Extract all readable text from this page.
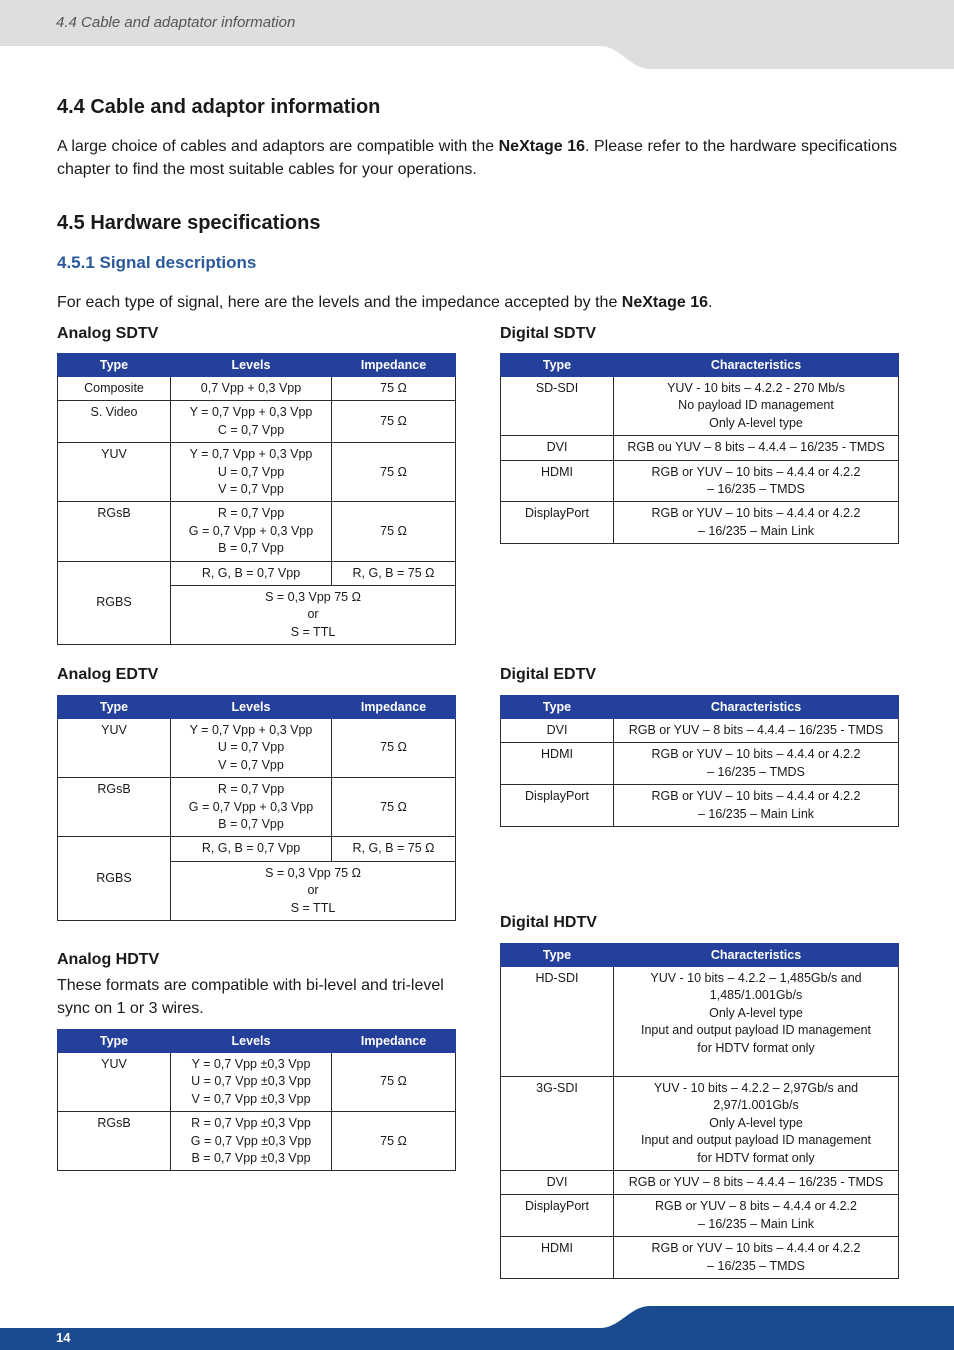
4.4 Cable and adaptator information
4.4 Cable and adaptor information

A large choice of cables and adaptors are compatible with the NeXtage 16. Please refer to the hardware specifications chapter to find the most suitable cables for your operations.

4.5 Hardware specifications
4.5.1 Signal descriptions

For each type of signal, here are the levels and the impedance accepted by the NeXtage 16.

Analog SDTV
Type	Levels	Impedance
Composite	0,7 Vpp + 0,3 Vpp	75 Ω
S. Video	Y = 0,7 Vpp + 0,3 Vpp
C = 0,7 Vpp	75 Ω
YUV	Y = 0,7 Vpp + 0,3 Vpp
U = 0,7 Vpp
V = 0,7 Vpp	75 Ω
RGsB	R = 0,7 Vpp
G = 0,7 Vpp + 0,3 Vpp
B = 0,7 Vpp	75 Ω
RGBS	R, G, B = 0,7 Vpp	R, G, B = 75 Ω
	S = 0,3 Vpp 75 Ω
or
S = TTL	
Digital SDTV
Type	Characteristics
SD-SDI	YUV - 10 bits – 4.2.2 - 270 Mb/s
No payload ID management
Only A-level type
DVI	RGB ou YUV – 8 bits – 4.4.4 – 16/235 - TMDS
HDMI	RGB or YUV – 10 bits – 4.4.4 or 4.2.2
– 16/235 – TMDS
DisplayPort	RGB or YUV – 10 bits – 4.4.4 or 4.2.2
– 16/235 – Main Link
Analog EDTV
Type	Levels	Impedance
YUV	Y = 0,7 Vpp + 0,3 Vpp
U = 0,7 Vpp
V = 0,7 Vpp	75 Ω
RGsB	R = 0,7 Vpp
G = 0,7 Vpp + 0,3 Vpp
B = 0,7 Vpp	75 Ω
RGBS	R, G, B = 0,7 Vpp	R, G, B = 75 Ω
	S = 0,3 Vpp 75 Ω
or
S = TTL	
Digital EDTV
Type	Characteristics
DVI	RGB or YUV – 8 bits – 4.4.4 – 16/235 - TMDS
HDMI	RGB or YUV – 10 bits – 4.4.4 or 4.2.2
– 16/235 – TMDS
DisplayPort	RGB or YUV – 10 bits – 4.4.4 or 4.2.2
– 16/235 – Main Link
Analog HDTV

These formats are compatible with bi-level and tri-level sync on 1 or 3 wires.

Type	Levels	Impedance
YUV	Y = 0,7 Vpp ±0,3 Vpp
U = 0,7 Vpp ±0,3 Vpp
V = 0,7 Vpp ±0,3 Vpp	75 Ω
RGsB	R = 0,7 Vpp ±0,3 Vpp
G = 0,7 Vpp ±0,3 Vpp
B = 0,7 Vpp ±0,3 Vpp	75 Ω
Digital HDTV
Type	Characteristics
HD-SDI	YUV - 10 bits – 4.2.2 – 1,485Gb/s and
1,485/1.001Gb/s
Only A-level type
Input and output payload ID management
for HDTV format only
3G-SDI	YUV - 10 bits – 4.2.2 – 2,97Gb/s and
2,97/1.001Gb/s
Only A-level type
Input and output payload ID management
for HDTV format only
DVI	RGB or YUV – 8 bits – 4.4.4 – 16/235 - TMDS
DisplayPort	RGB or YUV – 8 bits – 4.4.4 or 4.2.2
– 16/235 – Main Link
HDMI	RGB or YUV – 10 bits – 4.4.4 or 4.2.2
– 16/235 – TMDS
14
